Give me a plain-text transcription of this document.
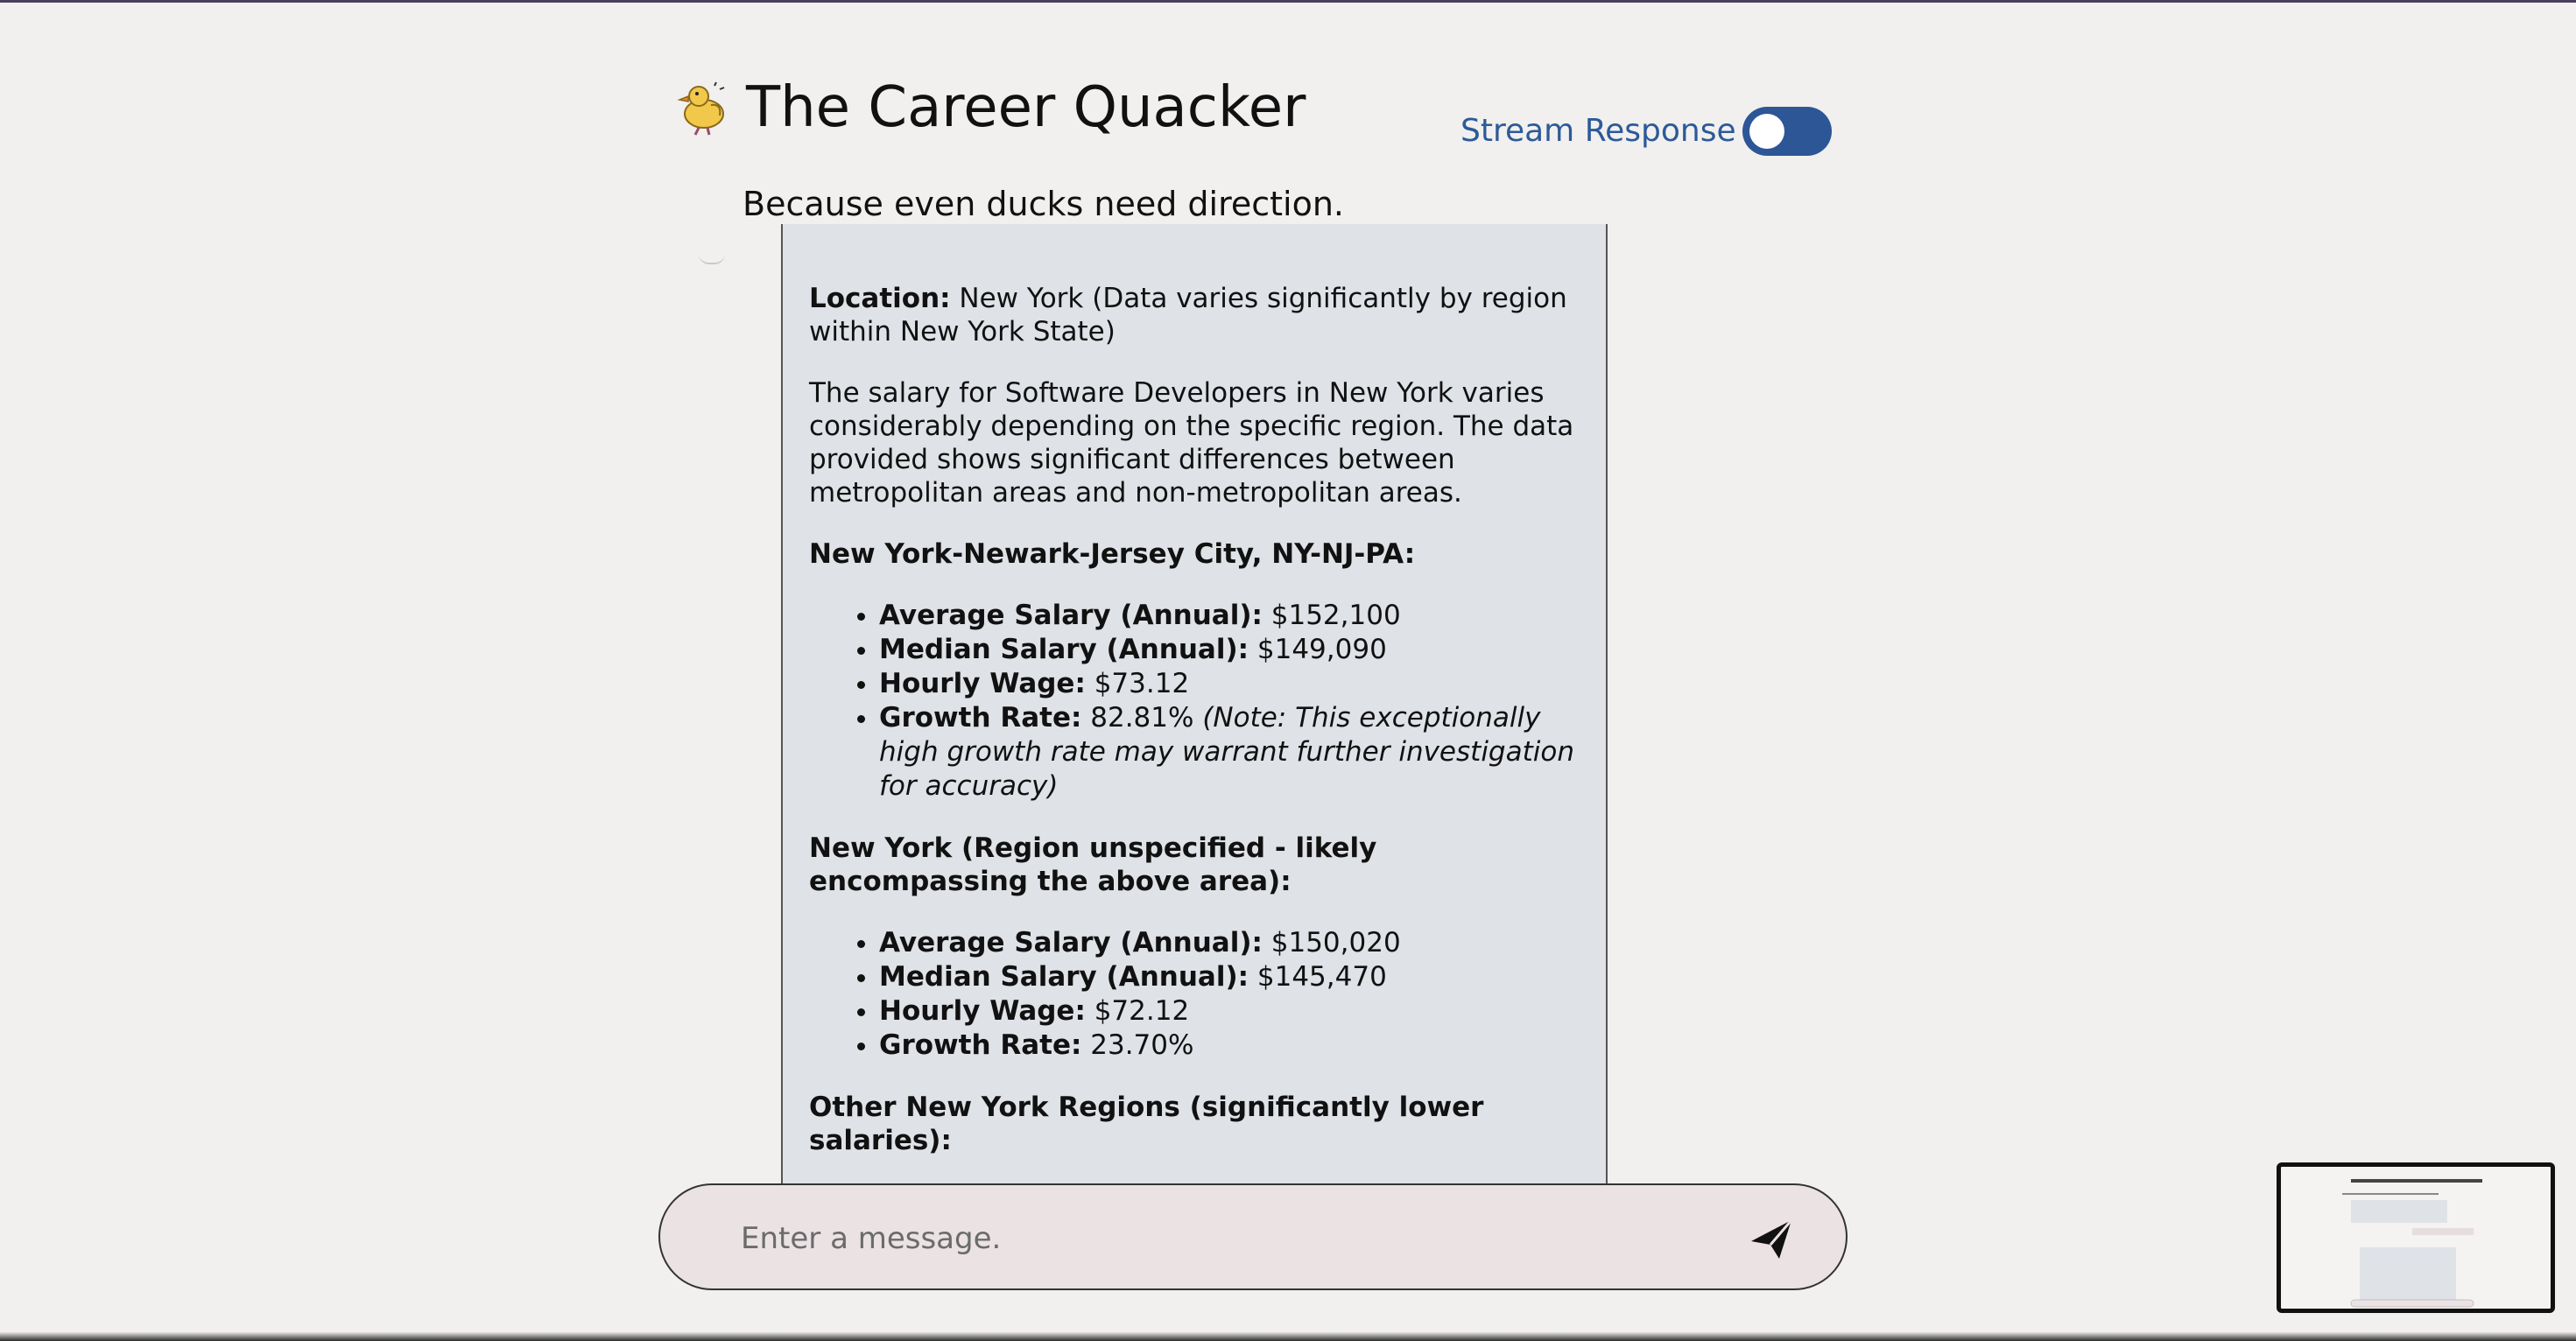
The Career Quacker
Because even ducks need direction.
Stream Response

Location: New York (Data varies significantly by region within New York State)

The salary for Software Developers in New York varies considerably depending on the specific region. The data provided shows significant differences between metropolitan areas and non-metropolitan areas.

New York-Newark-Jersey City, NY-NJ-PA:

• Average Salary (Annual): $152,100
• Median Salary (Annual): $149,090
• Hourly Wage: $73.12
• Growth Rate: 82.81% (Note: This exceptionally high growth rate may warrant further investigation for accuracy)

New York (Region unspecified - likely encompassing the above area):

• Average Salary (Annual): $150,020
• Median Salary (Annual): $145,470
• Hourly Wage: $72.12
• Growth Rate: 23.70%

Other New York Regions (significantly lower salaries):

Enter a message.
